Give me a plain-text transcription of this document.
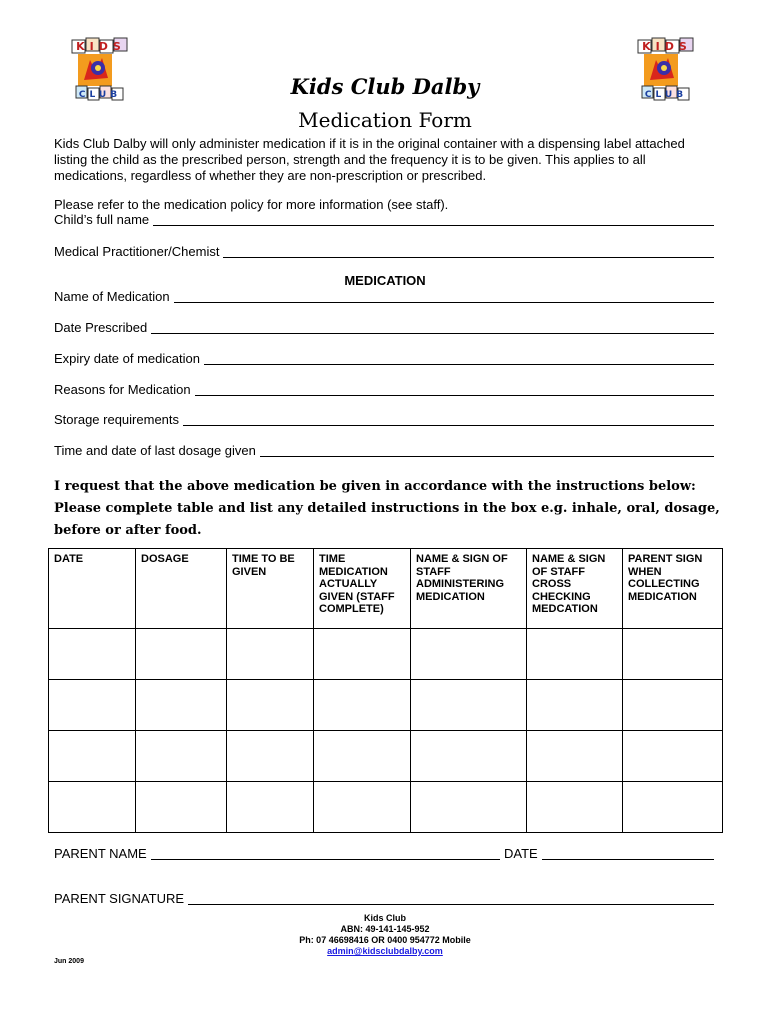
KIDS
CLUB
KIDS
CLUB
Kids Club Dalby
Medication Form
Kids Club Dalby will only administer medication if it is in the original container with a dispensing label attached listing the child as the prescribed person, strength and the frequency it is to be given. This applies to all medications, regardless of whether they are non-prescription or prescribed.
Please refer to the medication policy for more information (see staff).
Child’s full name
Medical Practitioner/Chemist
MEDICATION
Name of Medication
Date Prescribed
Expiry date of medication
Reasons for Medication
Storage requirements
Time and date of last dosage given
I request that the above medication be given in accordance with the instructions below: Please complete table and list any detailed instructions in the box e.g. inhale, oral, dosage, before or after food.
DATE	DOSAGE	TIME TO BE GIVEN	TIME MEDICATION ACTUALLY GIVEN (STAFF COMPLETE)	NAME & SIGN OF STAFF ADMINISTERING MEDICATION	NAME & SIGN OF STAFF CROSS CHECKING MEDCATION	PARENT SIGN WHEN COLLECTING MEDICATION

PARENT NAME	DATE
PARENT SIGNATURE
Kids Club
ABN: 49-141-145-952
Ph: 07 46698416 OR 0400 954772 Mobile
admin@kidsclubdalby.com
Jun 2009
